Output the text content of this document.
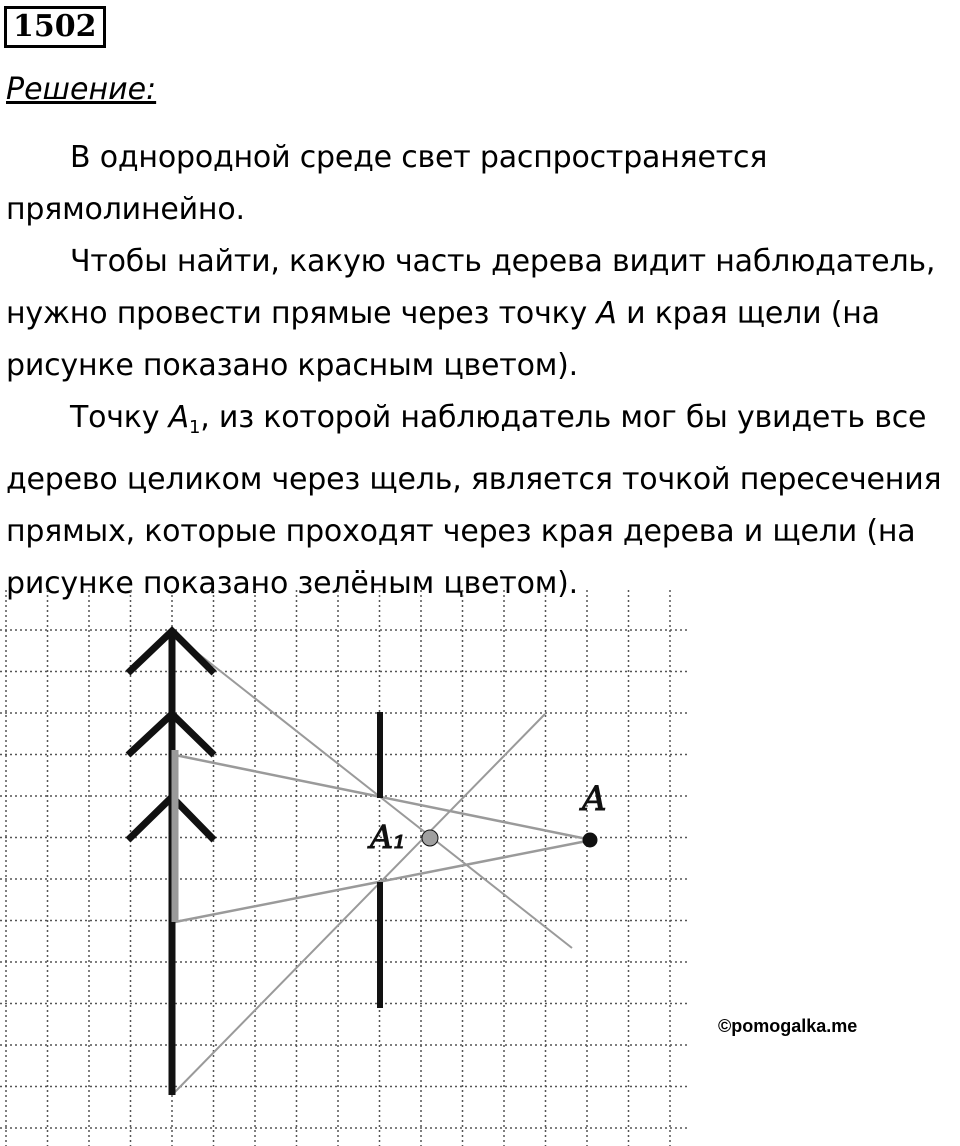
1502
Решение:

В однородной среде свет распространяется прямолинейно.

Чтобы найти, какую часть дерева видит наблюдатель, нужно провести прямые через точку A и края щели (на рисунке показано красным цветом).

Точку $A_1$, из которой наблюдатель мог бы увидеть все дерево целиком через щель, является точкой пересечения прямых, которые проходят через края дерева и щели (на рисунке показано зелёным цветом).

A
A₁
©pomogalka.me
